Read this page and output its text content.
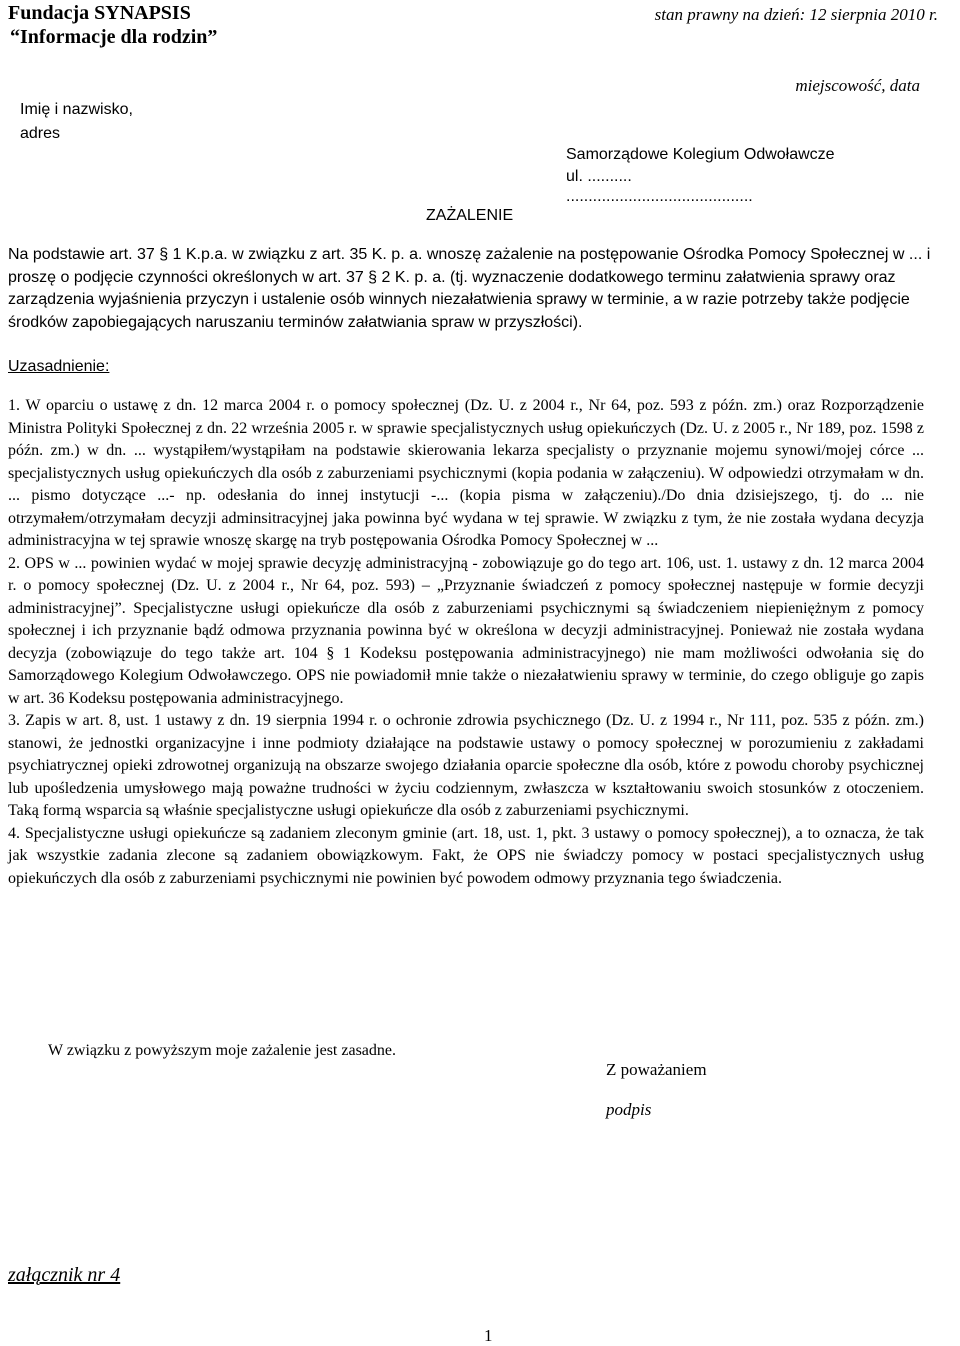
Fundacja SYNAPSIS
“Informacje dla rodzin”
stan prawny na dzień: 12 sierpnia 2010 r.
miejscowość, data
Imię i nazwisko,
adres
Samorządowe Kolegium Odwoławcze
ul. ..........
..........................................
ZAŻALENIE
Na podstawie art. 37 § 1 K.p.a. w związku z art. 35 K. p. a. wnoszę zażalenie na postępowanie Ośrodka Pomocy Społecznej w ... i proszę o podjęcie czynności określonych w art. 37 § 2 K. p. a. (tj. wyznaczenie dodatkowego terminu załatwienia sprawy oraz zarządzenia wyjaśnienia przyczyn i ustalenie osób winnych niezałatwienia sprawy w terminie, a w razie potrzeby także podjęcie środków zapobiegających naruszaniu terminów załatwiania spraw w przyszłości).
Uzasadnienie:

1. W oparciu o ustawę z dn. 12 marca 2004 r. o pomocy społecznej (Dz. U. z 2004 r., Nr 64, poz. 593 z późn. zm.) oraz Rozporządzenie Ministra Polityki Społecznej z dn. 22 września 2005 r. w sprawie specjalistycznych usług opiekuńczych (Dz. U. z 2005 r., Nr 189, poz. 1598 z późn. zm.) w dn. ... wystąpiłem/wystąpiłam na podstawie skierowania lekarza specjalisty o przyznanie mojemu synowi/mojej córce ... specjalistycznych usług opiekuńczych dla osób z zaburzeniami psychicznymi (kopia podania w załączeniu). W odpowiedzi otrzymałam w dn. ... pismo dotyczące ...- np. odesłania do innej instytucji -... (kopia pisma w załączeniu)./Do dnia dzisiejszego, tj. do ... nie otrzymałem/otrzymałam decyzji adminsitracyjnej jaka powinna być wydana w tej sprawie. W związku z tym, że nie została wydana decyzja administracyjna w tej sprawie wnoszę skargę na tryb postępowania Ośrodka Pomocy Społecznej w ...

2. OPS w ... powinien wydać w mojej sprawie decyzję administracyjną - zobowiązuje go do tego art. 106, ust. 1. ustawy z dn. 12 marca 2004 r. o pomocy społecznej (Dz. U. z 2004 r., Nr 64, poz. 593) – „Przyznanie świadczeń z pomocy społecznej następuje w formie decyzji administracyjnej”. Specjalistyczne usługi opiekuńcze dla osób z zaburzeniami psychicznymi są świadczeniem niepieniężnym z pomocy społecznej i ich przyznanie bądź odmowa przyznania powinna być w określona w decyzji administracyjnej. Ponieważ nie została wydana decyzja (zobowiązuje do tego także art. 104 § 1 Kodeksu postępowania administracyjnego) nie mam możliwości odwołania się do Samorządowego Kolegium Odwoławczego. OPS nie powiadomił mnie także o niezałatwieniu sprawy w terminie, do czego obliguje go zapis w art. 36 Kodeksu postępowania administracyjnego.

3. Zapis w art. 8, ust. 1 ustawy z dn. 19 sierpnia 1994 r. o ochronie zdrowia psychicznego (Dz. U. z 1994 r., Nr 111, poz. 535 z późn. zm.) stanowi, że jednostki organizacyjne i inne podmioty działające na podstawie ustawy o pomocy społecznej w porozumieniu z zakładami psychiatrycznej opieki zdrowotnej organizują na obszarze swojego działania oparcie społeczne dla osób, które z powodu choroby psychicznej lub upośledzenia umysłowego mają poważne trudności w życiu codziennym, zwłaszcza w kształtowaniu swoich stosunków z otoczeniem. Taką formą wsparcia są właśnie specjalistyczne usługi opiekuńcze dla osób z zaburzeniami psychicznymi.

4. Specjalistyczne usługi opiekuńcze są zadaniem zleconym gminie (art. 18, ust. 1, pkt. 3 ustawy o pomocy społecznej), a to oznacza, że tak jak wszystkie zadania zlecone są zadaniem obowiązkowym. Fakt, że OPS nie świadczy pomocy w postaci specjalistycznych usług opiekuńczych dla osób z zaburzeniami psychicznymi nie powinien być powodem odmowy przyznania tego świadczenia.

W związku z powyższym moje zażalenie jest zasadne.
Z poważaniem
podpis
załącznik nr 4
1
